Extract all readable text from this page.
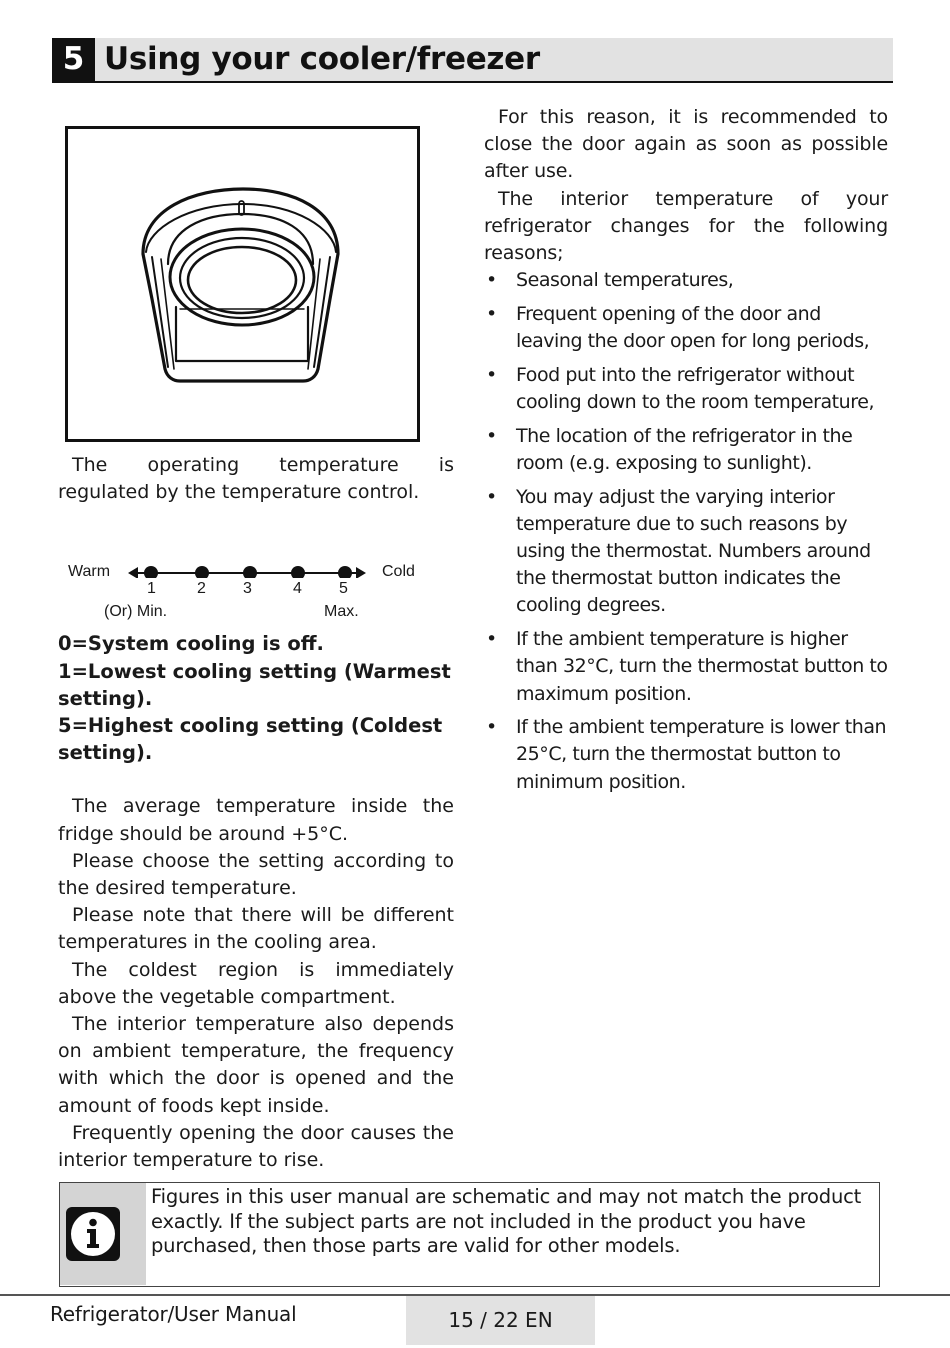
5 Using your cooler/freezer
The operating temperature is
regulated by the temperature control.
Warm	Cold
1	2 3	4 5
(Or) Min.	Max.
0=System cooling is off.
1=Lowest cooling setting (Warmest setting).
5=Highest cooling setting (Coldest setting).
The average temperature inside the fridge should be around +5°C.
Please choose the setting according to the desired temperature.
Please note that there will be different temperatures in the cooling area.
The coldest region is immediately above the vegetable compartment.
The interior temperature also depends on ambient temperature, the frequency with which the door is opened and the amount of foods kept inside.
Frequently opening the door causes the interior temperature to rise.
For this reason, it is recommended to close the door again as soon as possible after use.
The interior temperature of your refrigerator changes for the following reasons;
• Seasonal temperatures,
• Frequent opening of the door and leaving the door open for long periods,
• Food put into the refrigerator without cooling down to the room temperature,
• The location of the refrigerator in the room (e.g. exposing to sunlight).
• You may adjust the varying interior temperature due to such reasons by using the thermostat. Numbers around the thermostat button indicates the cooling degrees.
• If the ambient temperature is higher than 32°C, turn the thermostat button to maximum position.
• If the ambient temperature is lower than 25°C, turn the thermostat button to minimum position.
Figures in this user manual are schematic and may not match the product exactly. If the subject parts are not included in the product you have purchased, then those parts are valid for other models.
Refrigerator/User Manual	15 / 22 EN
